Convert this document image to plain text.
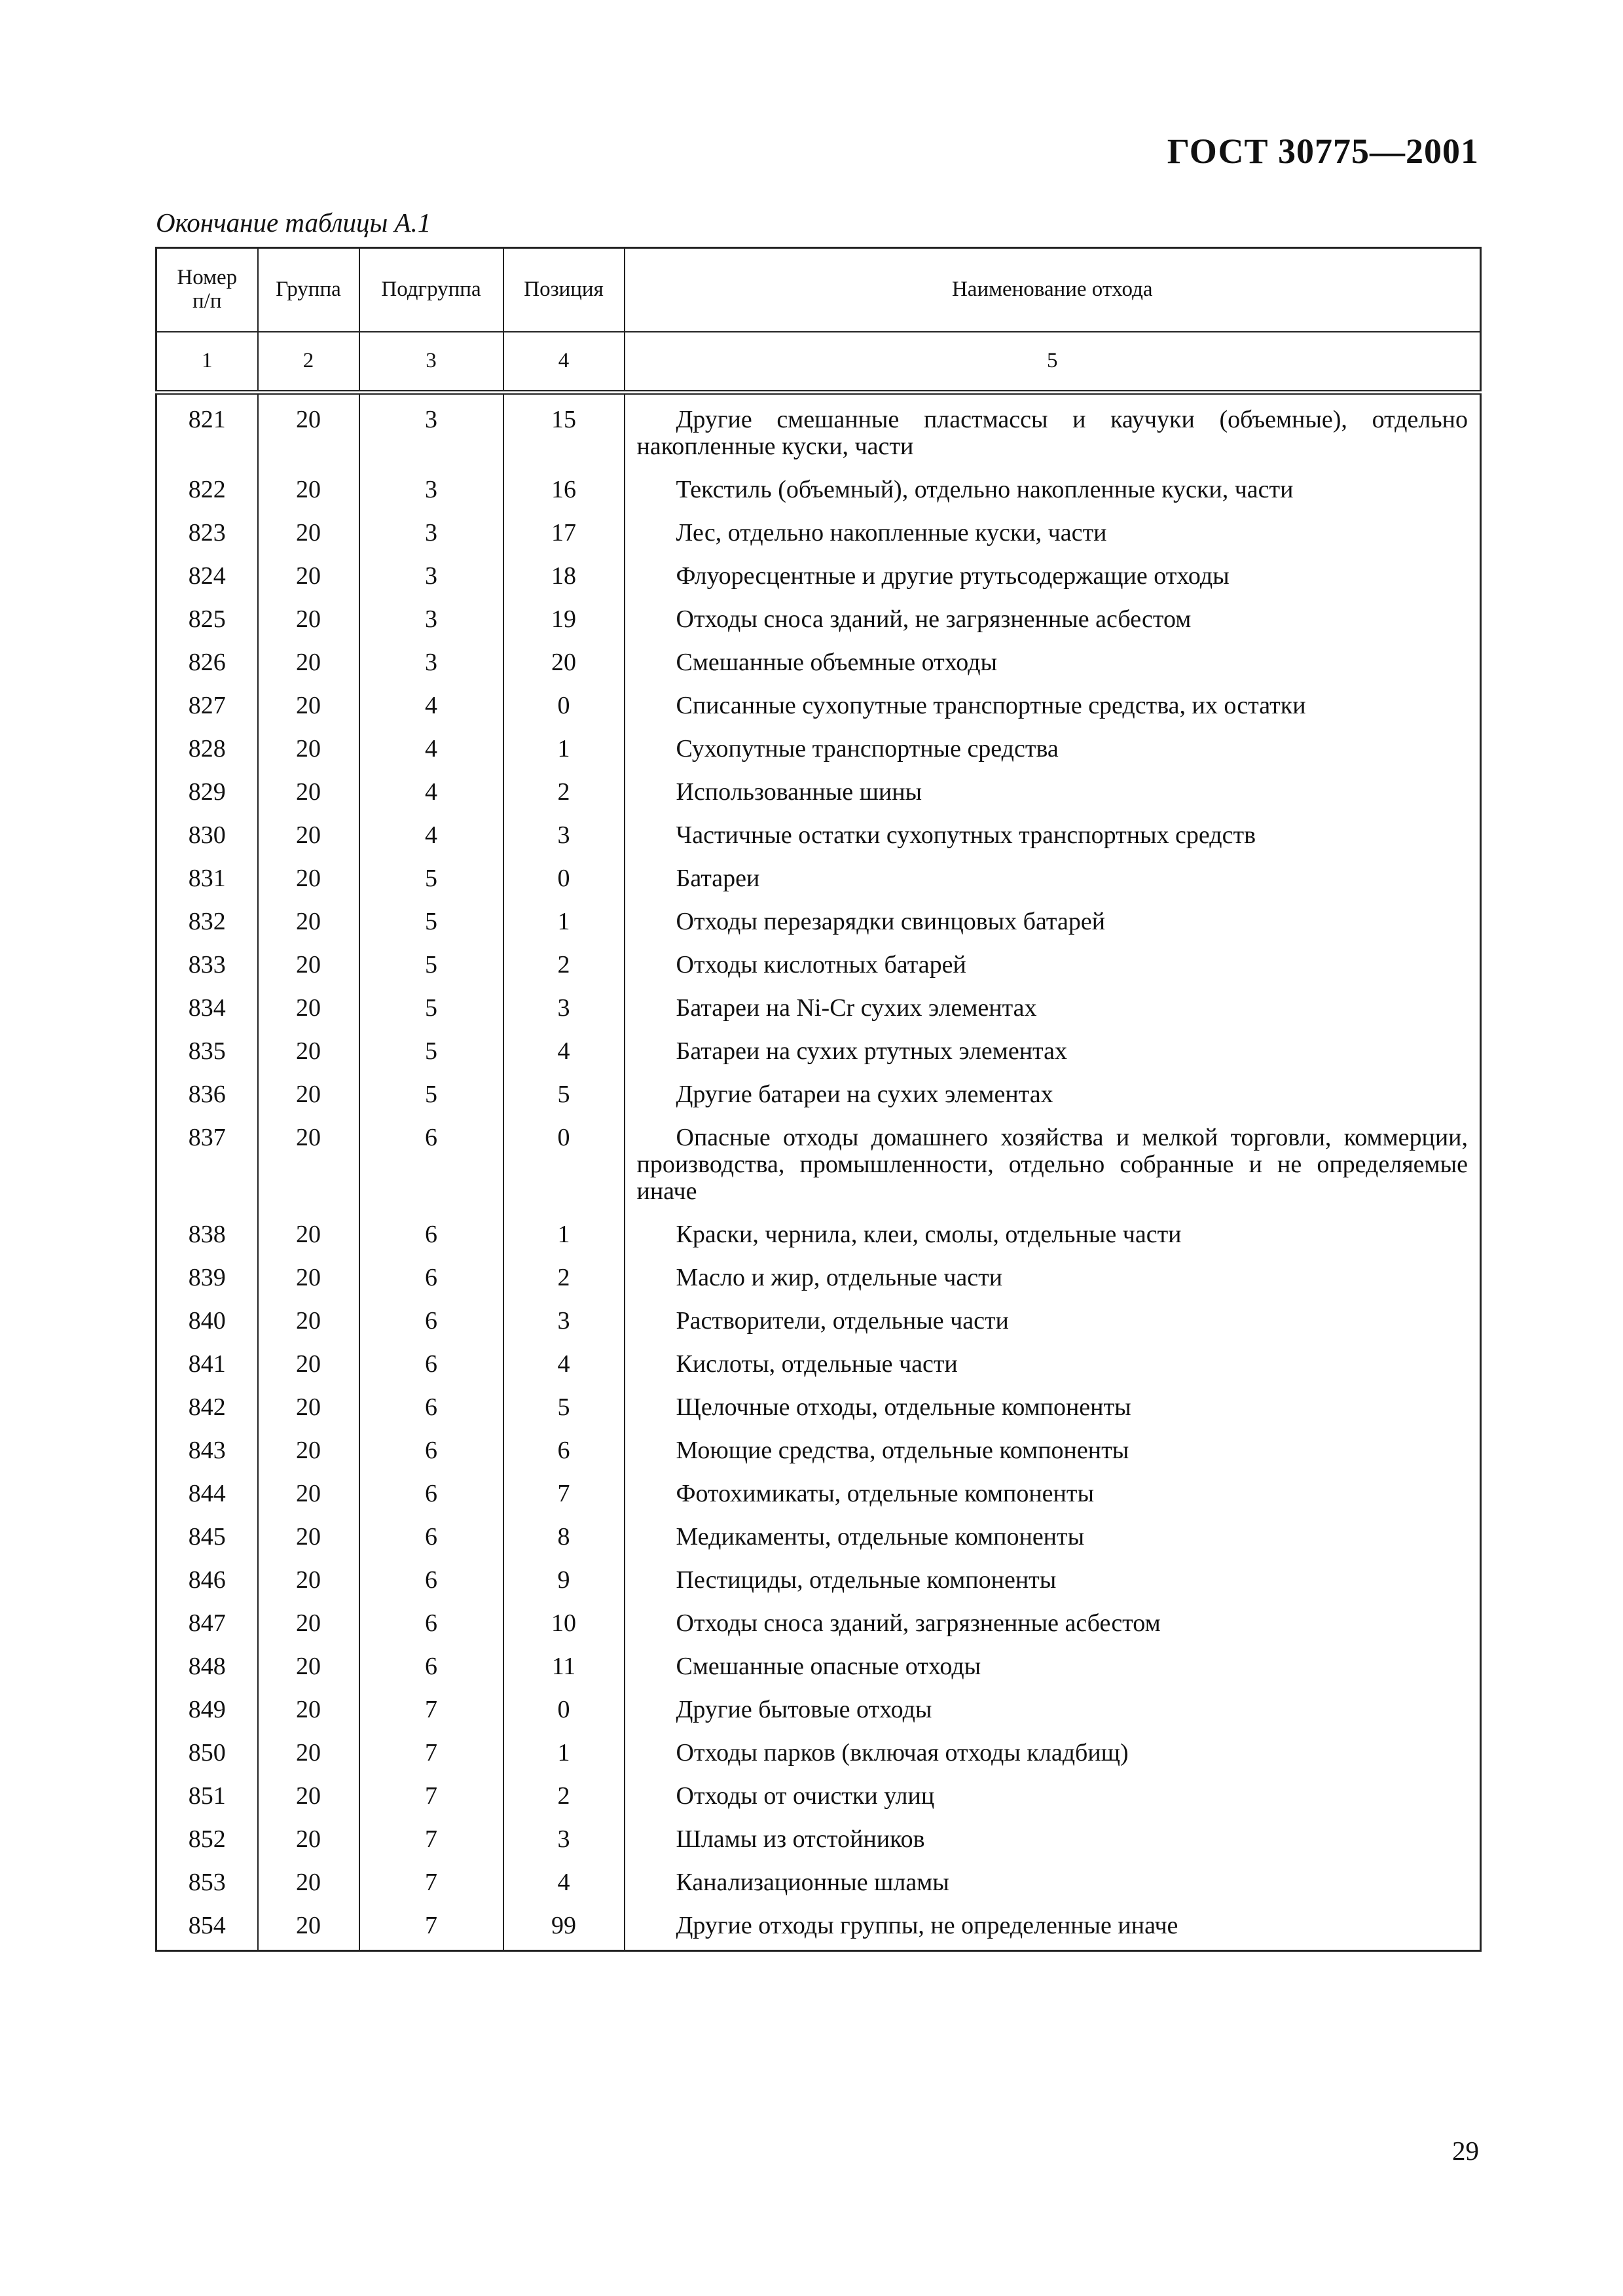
ГОСТ 30775—2001
Окончание таблицы А.1
Номер п/п	Группа	Подгруппа	Позиция	Наименование отхода
1	2	3	4	5
821	20	3	15	Другие смешанные пластмассы и каучуки (объемные), отдельно накопленные куски, части
822	20	3	16	Текстиль (объемный), отдельно накопленные куски, части
823	20	3	17	Лес, отдельно накопленные куски, части
824	20	3	18	Флуоресцентные и другие ртутьсодержащие отходы
825	20	3	19	Отходы сноса зданий, не загрязненные асбестом
826	20	3	20	Смешанные объемные отходы
827	20	4	0	Списанные сухопутные транспортные средства, их остатки
828	20	4	1	Сухопутные транспортные средства
829	20	4	2	Использованные шины
830	20	4	3	Частичные остатки сухопутных транспортных средств
831	20	5	0	Батареи
832	20	5	1	Отходы перезарядки свинцовых батарей
833	20	5	2	Отходы кислотных батарей
834	20	5	3	Батареи на Ni-Cr сухих элементах
835	20	5	4	Батареи на сухих ртутных элементах
836	20	5	5	Другие батареи на сухих элементах
837	20	6	0	Опасные отходы домашнего хозяйства и мелкой торговли, коммерции, производства, промышленности, отдельно собранные и не определяемые иначе
838	20	6	1	Краски, чернила, клеи, смолы, отдельные части
839	20	6	2	Масло и жир, отдельные части
840	20	6	3	Растворители, отдельные части
841	20	6	4	Кислоты, отдельные части
842	20	6	5	Щелочные отходы, отдельные компоненты
843	20	6	6	Моющие средства, отдельные компоненты
844	20	6	7	Фотохимикаты, отдельные компоненты
845	20	6	8	Медикаменты, отдельные компоненты
846	20	6	9	Пестициды, отдельные компоненты
847	20	6	10	Отходы сноса зданий, загрязненные асбестом
848	20	6	11	Смешанные опасные отходы
849	20	7	0	Другие бытовые отходы
850	20	7	1	Отходы парков (включая отходы кладбищ)
851	20	7	2	Отходы от очистки улиц
852	20	7	3	Шламы из отстойников
853	20	7	4	Канализационные шламы
854	20	7	99	Другие отходы группы, не определенные иначе
29
